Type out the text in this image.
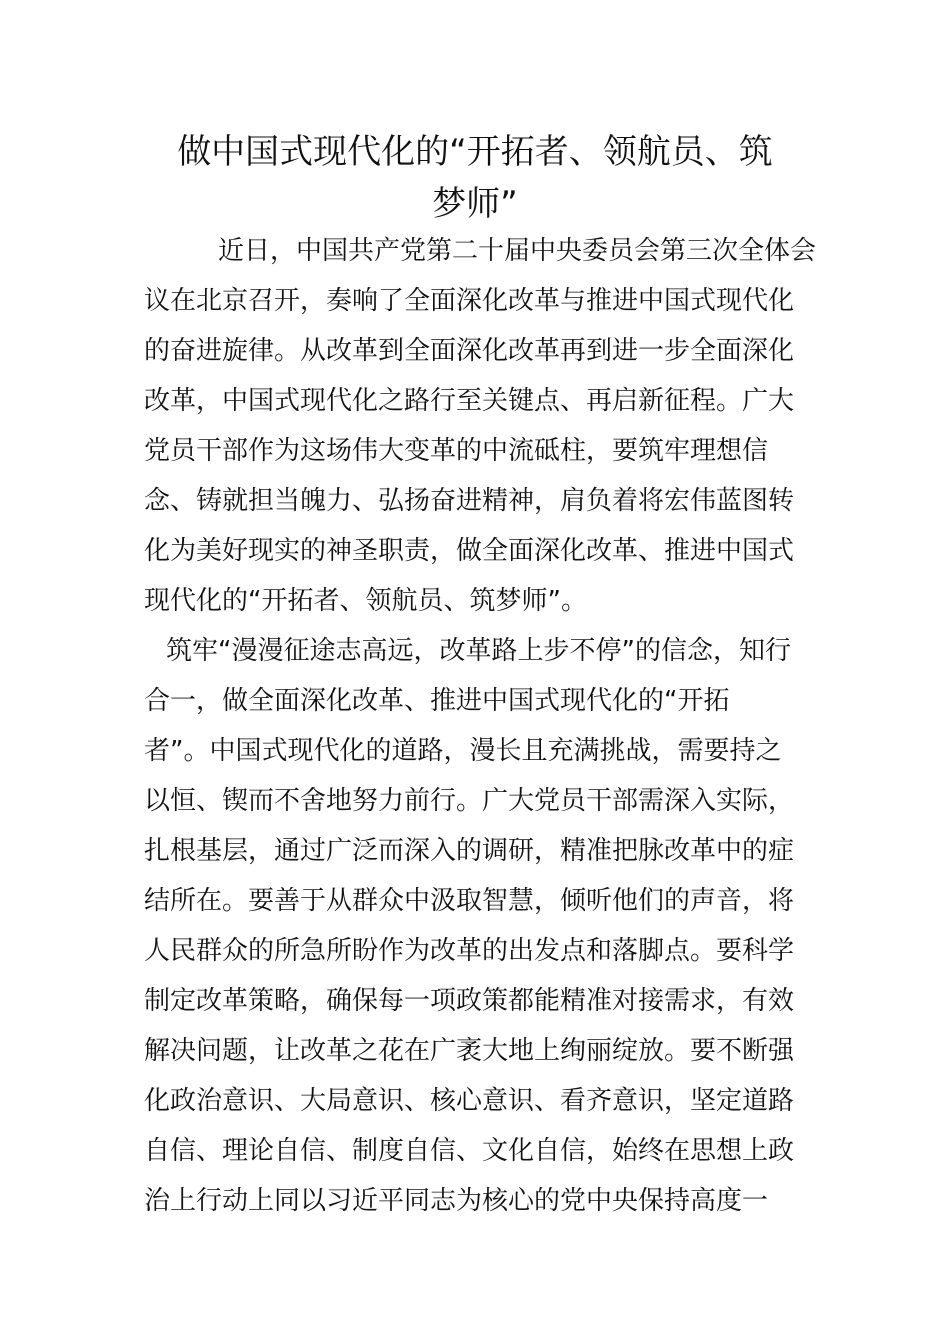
做中国式现代化的“开拓者、领航员、筑
梦师”
近日，中国共产党第二十届中央委员会第三次全体会
议在北京召开，奏响了全面深化改革与推进中国式现代化
的奋进旋律。从改革到全面深化改革再到进一步全面深化
改革，中国式现代化之路行至关键点、再启新征程。广大
党员干部作为这场伟大变革的中流砥柱，要筑牢理想信
念、铸就担当魄力、弘扬奋进精神，肩负着将宏伟蓝图转
化为美好现实的神圣职责，做全面深化改革、推进中国式
现代化的“开拓者、领航员、筑梦师”。
筑牢“漫漫征途志高远，改革路上步不停”的信念，知行
合一，做全面深化改革、推进中国式现代化的“开拓
者”。中国式现代化的道路，漫长且充满挑战，需要持之
以恒、锲而不舍地努力前行。广大党员干部需深入实际，
扎根基层，通过广泛而深入的调研，精准把脉改革中的症
结所在。要善于从群众中汲取智慧，倾听他们的声音，将
人民群众的所急所盼作为改革的出发点和落脚点。要科学
制定改革策略，确保每一项政策都能精准对接需求，有效
解决问题，让改革之花在广袤大地上绚丽绽放。要不断强
化政治意识、大局意识、核心意识、看齐意识，坚定道路
自信、理论自信、制度自信、文化自信，始终在思想上政
治上行动上同以习近平同志为核心的党中央保持高度一
